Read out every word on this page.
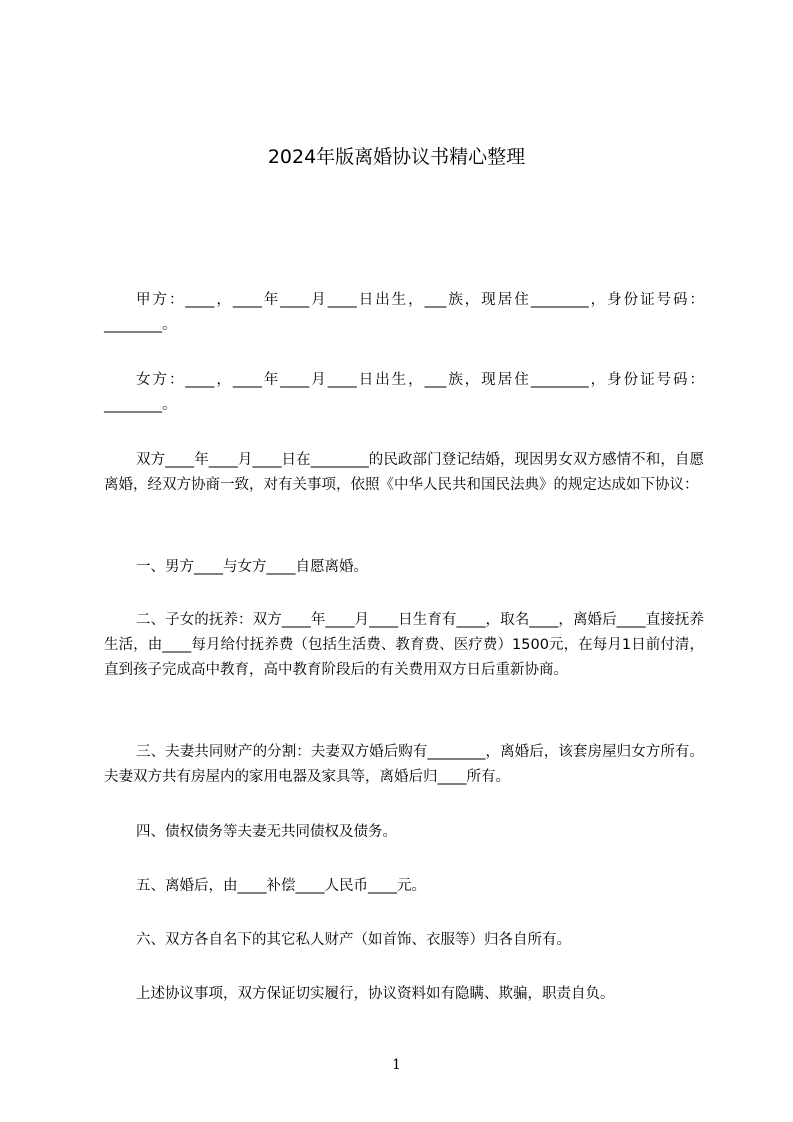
2024年版离婚协议书精心整理
甲方：____，____年____月____日出生，___族，现居住________，身份证号码：________。
女方：____，____年____月____日出生，___族，现居住________，身份证号码：________。
双方____年____月____日在________的民政部门登记结婚，现因男女双方感情不和，自愿离婚，经双方协商一致，对有关事项，依照《中华人民共和国民法典》的规定达成如下协议：
一、男方____与女方____自愿离婚。
二、子女的抚养：双方____年____月____日生育有____，取名____，离婚后____直接抚养生活，由____每月给付抚养费（包括生活费、教育费、医疗费）1500元，在每月1日前付清，直到孩子完成高中教育，高中教育阶段后的有关费用双方日后重新协商。
三、夫妻共同财产的分割：夫妻双方婚后购有________，离婚后，该套房屋归女方所有。夫妻双方共有房屋内的家用电器及家具等，离婚后归____所有。
四、债权债务等夫妻无共同债权及债务。
五、离婚后，由____补偿____人民币____元。
六、双方各自名下的其它私人财产（如首饰、衣服等）归各自所有。
上述协议事项，双方保证切实履行，协议资料如有隐瞒、欺骗，职责自负。
1
